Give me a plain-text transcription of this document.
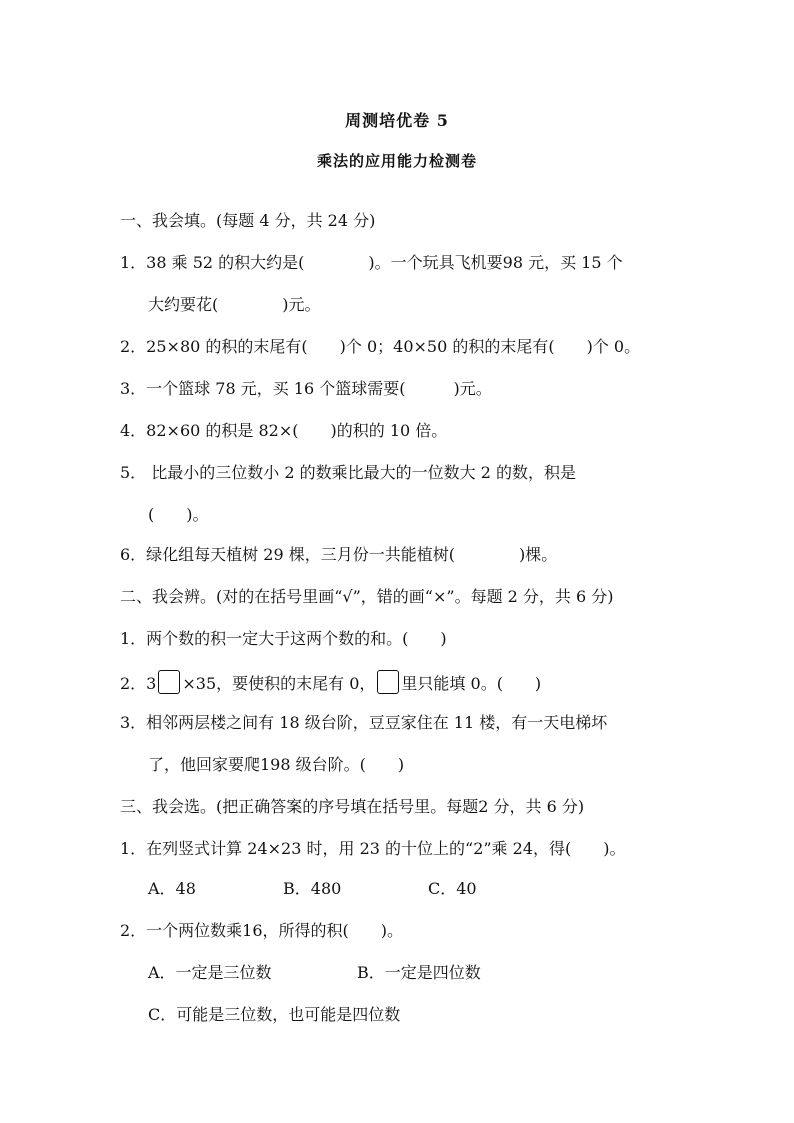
周测培优卷 5
乘法的应用能力检测卷
一、我会填。(每题 4 分，共 24 分)
1．38 乘 52 的积大约是(　　　　)。一个玩具飞机要98 元，买 15 个
大约要花(　　　　)元。
2．25×80 的积的末尾有(　　)个 0；40×50 的积的末尾有(　　)个 0。
3．一个篮球 78 元，买 16 个篮球需要(　　　)元。
4．82×60 的积是 82×(　　)的积的 10 倍。
5． 比最小的三位数小 2 的数乘比最大的一位数大 2 的数，积是
(　　)。
6．绿化组每天植树 29 棵，三月份一共能植树(　　　　)棵。
二、我会辨。(对的在括号里画“√”，错的画“×”。每题 2 分，共 6 分)
1．两个数的积一定大于这两个数的和。(　　)
2．3 ×35，要使积的末尾有 0， 里只能填 0。(　　)
3．相邻两层楼之间有 18 级台阶，豆豆家住在 11 楼，有一天电梯坏
了，他回家要爬198 级台阶。(　　)
三、我会选。(把正确答案的序号填在括号里。每题2 分，共 6 分)
1．在列竖式计算 24×23 时，用 23 的十位上的“2”乘 24，得(　　)。
A．48	B．480	C．40
2．一个两位数乘16，所得的积(　　)。
A．一定是三位数	B．一定是四位数
C．可能是三位数，也可能是四位数
